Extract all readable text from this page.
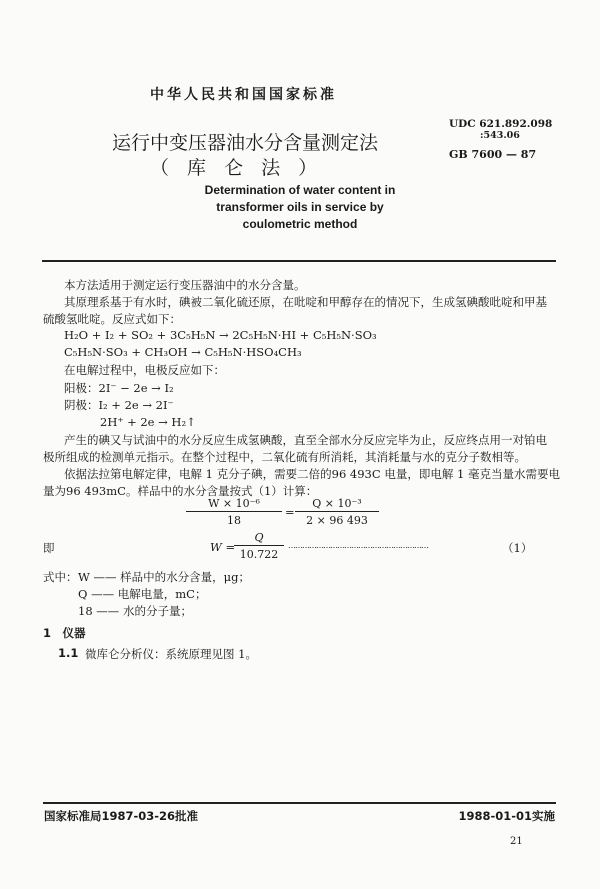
中华人民共和国国家标准
运行中变压器油水分含量测定法
（ 库 仑 法 ）
Determination of water content in
transformer oils in service by
coulometric method
UDC 621.892.098
:543.06
GB 7600 — 87
本方法适用于测定运行变压器油中的水分含量。
其原理系基于有水时，碘被二氧化硫还原，在吡啶和甲醇存在的情况下，生成氢碘酸吡啶和甲基
硫酸氢吡啶。反应式如下：
H₂O + I₂ + SO₂ + 3C₅H₅N → 2C₅H₅N·HI + C₅H₅N·SO₃
C₅H₅N·SO₃ + CH₃OH → C₅H₅N·HSO₄CH₃
在电解过程中，电极反应如下：
阳极：2I⁻ − 2e → I₂
阴极：I₂ + 2e → 2I⁻
2H⁺ + 2e → H₂↑
产生的碘又与试油中的水分反应生成氢碘酸，直至全部水分反应完毕为止，反应终点用一对铂电
极所组成的检测单元指示。在整个过程中，二氧化硫有所消耗，其消耗量与水的克分子数相等。
依据法拉第电解定律，电解 1 克分子碘，需要二倍的96 493C 电量，即电解 1 毫克当量水需要电
量为96 493mC。样品中的水分含量按式（1）计算：
$\frac{\text{W × 10⁻⁶}}{18} = \frac{\text{Q × 10⁻³}}{2 \times 96 493}$
即	W =
$\frac{Q}{10.722}$ ……………………………………………………	（1）
式中： W —— 样品中的水分含量，μg；
Q —— 电解电量，mC；
18 —— 水的分子量；
1　仪器
1.1 微库仑分析仪：系统原理见图 1。
国家标准局1987-03-26批准	1988-01-01实施
21
